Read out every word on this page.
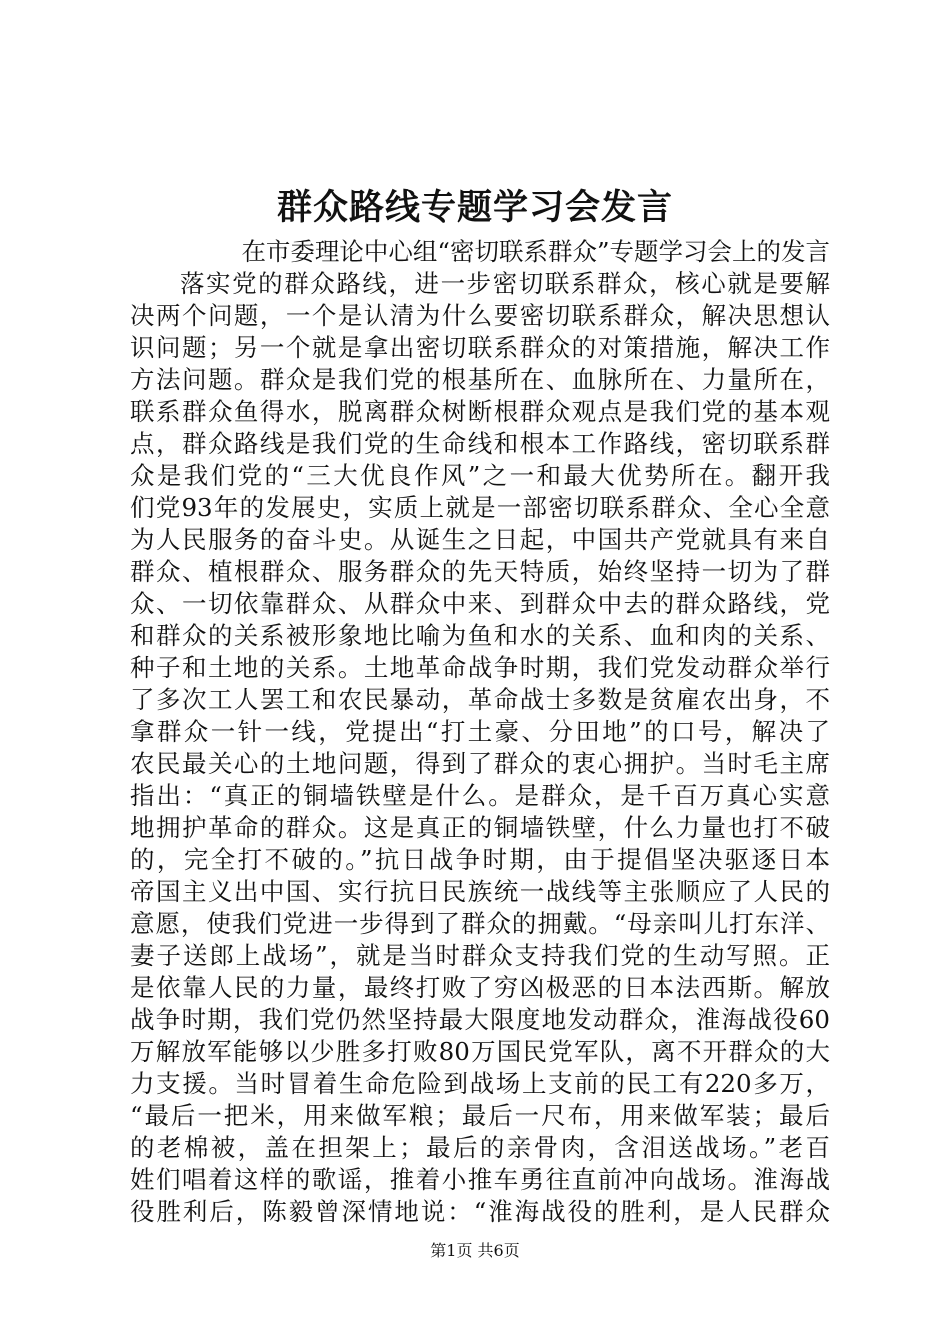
群众路线专题学习会发言
在市委理论中心组“密切联系群众”专题学习会上的发言
落实党的群众路线，进一步密切联系群众，核心就是要解
决两个问题，一个是认清为什么要密切联系群众，解决思想认
识问题；另一个就是拿出密切联系群众的对策措施，解决工作
方法问题。群众是我们党的根基所在、血脉所在、力量所在，
联系群众鱼得水，脱离群众树断根群众观点是我们党的基本观
点，群众路线是我们党的生命线和根本工作路线，密切联系群
众是我们党的“三大优良作风”之一和最大优势所在。翻开我
们党93年的发展史，实质上就是一部密切联系群众、全心全意
为人民服务的奋斗史。从诞生之日起，中国共产党就具有来自
群众、植根群众、服务群众的先天特质，始终坚持一切为了群
众、一切依靠群众、从群众中来、到群众中去的群众路线，党
和群众的关系被形象地比喻为鱼和水的关系、血和肉的关系、
种子和土地的关系。土地革命战争时期，我们党发动群众举行
了多次工人罢工和农民暴动，革命战士多数是贫雇农出身，不
拿群众一针一线，党提出“打土豪、分田地”的口号，解决了
农民最关心的土地问题，得到了群众的衷心拥护。当时毛主席
指出：“真正的铜墙铁壁是什么。是群众，是千百万真心实意
地拥护革命的群众。这是真正的铜墙铁壁，什么力量也打不破
的，完全打不破的。”抗日战争时期，由于提倡坚决驱逐日本
帝国主义出中国、实行抗日民族统一战线等主张顺应了人民的
意愿，使我们党进一步得到了群众的拥戴。“母亲叫儿打东洋、
妻子送郎上战场”，就是当时群众支持我们党的生动写照。正
是依靠人民的力量，最终打败了穷凶极恶的日本法西斯。解放
战争时期，我们党仍然坚持最大限度地发动群众，淮海战役60
万解放军能够以少胜多打败80万国民党军队，离不开群众的大
力支援。当时冒着生命危险到战场上支前的民工有220多万，
“最后一把米，用来做军粮；最后一尺布，用来做军装；最后
的老棉被，盖在担架上；最后的亲骨肉，含泪送战场。”老百
姓们唱着这样的歌谣，推着小推车勇往直前冲向战场。淮海战
役胜利后，陈毅曾深情地说：“淮海战役的胜利，是人民群众
第1页 共6页
